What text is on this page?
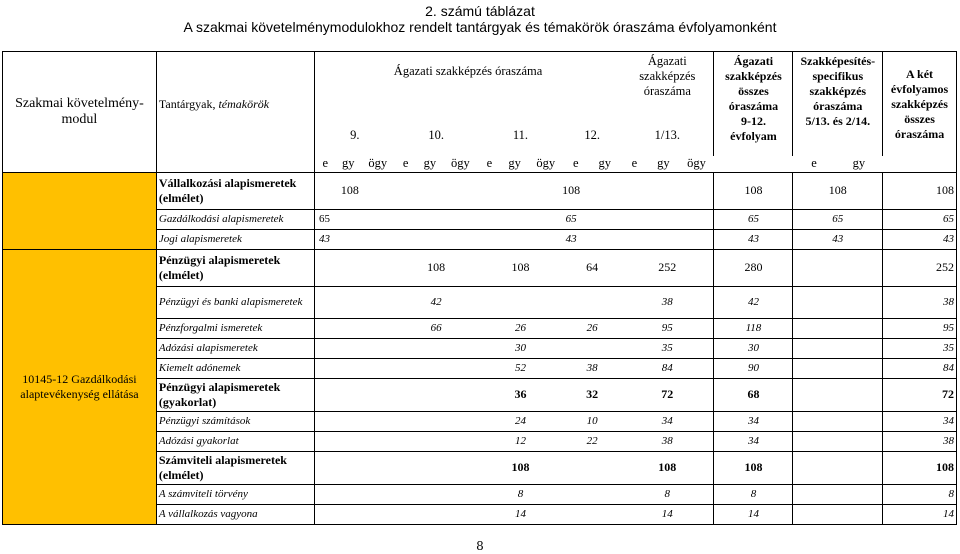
2. számú táblázat
A szakmai követelménymodulokhoz rendelt tantárgyak és témakörök óraszáma évfolyamonként
Szakmai követelmény-modul	Tantárgyak, témakörök	Ágazati szakképzés óraszáma											Ágazati szakképzés óraszáma			Ágazati szakképzés összes óraszáma	Szakképesítés-specifikus szakképzés óraszáma		A két évfolyamos szakképzés összes óraszáma

		9.			10.			11.			12.		1/13.			9-12. évfolyam	5/13. és 2/14.		
		e	gy	ögy	e	gy	ögy	e	gy	ögy	e	gy	e	gy	ögy		e	gy	
	Vállalkozási alapismeretek (elmélet)	108		108												108	108		108
	Gazdálkodási alapismeretek	65		65												65	65		65
	Jogi alapismeretek	43		43												43	43		43
10145-12 Gazdálkodási alaptevékenység ellátása	Pénzügyi alapismeretek (elmélet)				108			108			64		252			280			252
	Pénzügyi és banki alapismeretek				42								38			42			38
	Pénzforgalmi ismeretek				66			26			26		95			118			95
	Adózási alapismeretek							30					35			30			35
	Kiemelt adónemek							52			38		84			90			84
	Pénzügyi alapismeretek (gyakorlat)							36			32		72			68			72
	Pénzügyi számítások							24			10		34			34			34
	Adózási gyakorlat							12			22		38			34			38
	Számviteli alapismeretek (elmélet)							108					108			108			108
	A számviteli törvény							8					8			8			8
	A vállalkozás vagyona							14					14			14			14
8
